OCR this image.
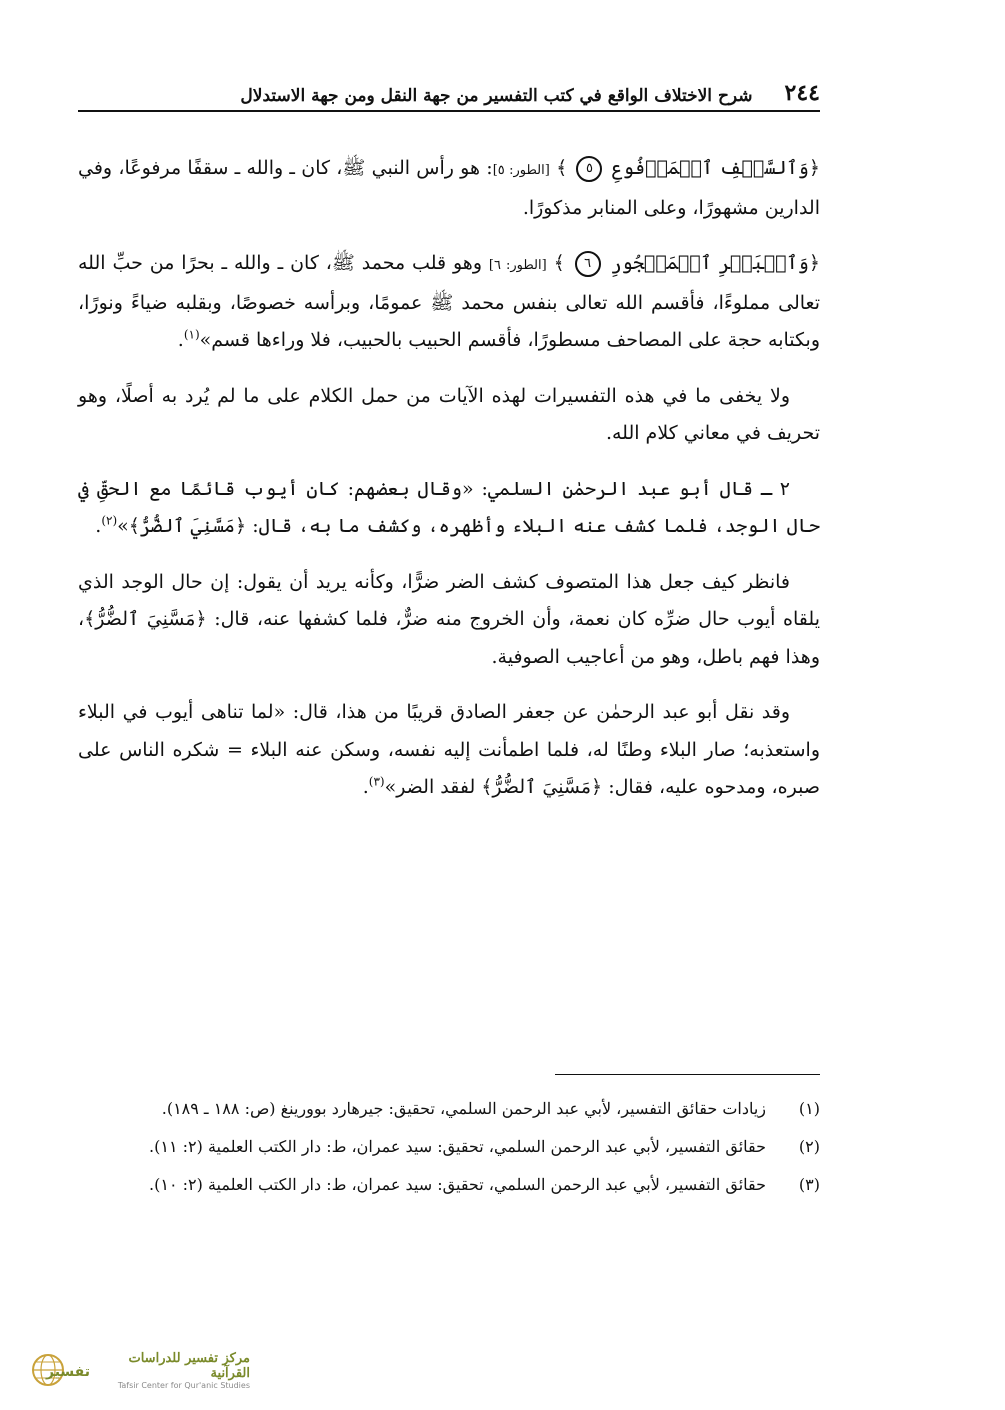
٢٤٤
شرح الاختلاف الواقع في كتب التفسير من جهة النقل ومن جهة الاستدلال

﴿وَٱلسَّقۡفِ ٱلۡمَرۡفُوعِ ٥ ﴾ [الطور: ٥]: هو رأس النبي ﷺ، كان ـ والله ـ سقفًا مرفوعًا، وفي الدارين مشهورًا، وعلى المنابر مذكورًا.

﴿وَٱلۡبَحۡرِ ٱلۡمَسۡجُورِ ٦ ﴾ [الطور: ٦] وهو قلب محمد ﷺ، كان ـ والله ـ بحرًا من حبِّ الله تعالى مملوءًا، فأقسم الله تعالى بنفس محمد ﷺ عمومًا، وبرأسه خصوصًا، وبقلبه ضياءً ونورًا، وبكتابه حجة على المصاحف مسطورًا، فأقسم الحبيب بالحبيب، فلا وراءها قسم»$^{(١)}$.

ولا يخفى ما في هذه التفسيرات لهذه الآيات من حمل الكلام على ما لم يُرد به أصلًا، وهو تحريف في معاني كلام الله.

٢ ـ قال أبو عبد الرحمٰن السلمي: «وقال بعضهم: كان أيوب قائمًا مع الحقِّ في حال الوجد، فلما كشف عنه البلاء وأظهره، وكشف ما به، قال: ﴿مَسَّنِيَ ٱلضُّرُّ﴾»$^{(٢)}$.

فانظر كيف جعل هذا المتصوف كشف الضر ضرًّا، وكأنه يريد أن يقول: إن حال الوجد الذي يلقاه أيوب حال ضرِّه كان نعمة، وأن الخروج منه ضرٌّ، فلما كشفها عنه، قال: ﴿مَسَّنِيَ ٱلضُّرُّ﴾، وهذا فهم باطل، وهو من أعاجيب الصوفية.

وقد نقل أبو عبد الرحمٰن عن جعفر الصادق قريبًا من هذا، قال: «لما تناهى أيوب في البلاء واستعذبه؛ صار البلاء وطنًا له، فلما اطمأنت إليه نفسه، وسكن عنه البلاء = شكره الناس على صبره، ومدحوه عليه، فقال: ﴿مَسَّنِيَ ٱلضُّرُّ﴾ لفقد الضر»$^{(٣)}$.

(١)
زيادات حقائق التفسير، لأبي عبد الرحمن السلمي، تحقيق: جيرهارد بوورينغ (ص: ١٨٨ ـ ١٨٩).
(٢)
حقائق التفسير، لأبي عبد الرحمن السلمي، تحقيق: سيد عمران، ط: دار الكتب العلمية (٢: ١١).
(٣)
حقائق التفسير، لأبي عبد الرحمن السلمي، تحقيق: سيد عمران، ط: دار الكتب العلمية (٢: ١٠).
تفسير
مركز تفسير للدراسات القرآنية
Tafsir Center for Qur'anic Studies
